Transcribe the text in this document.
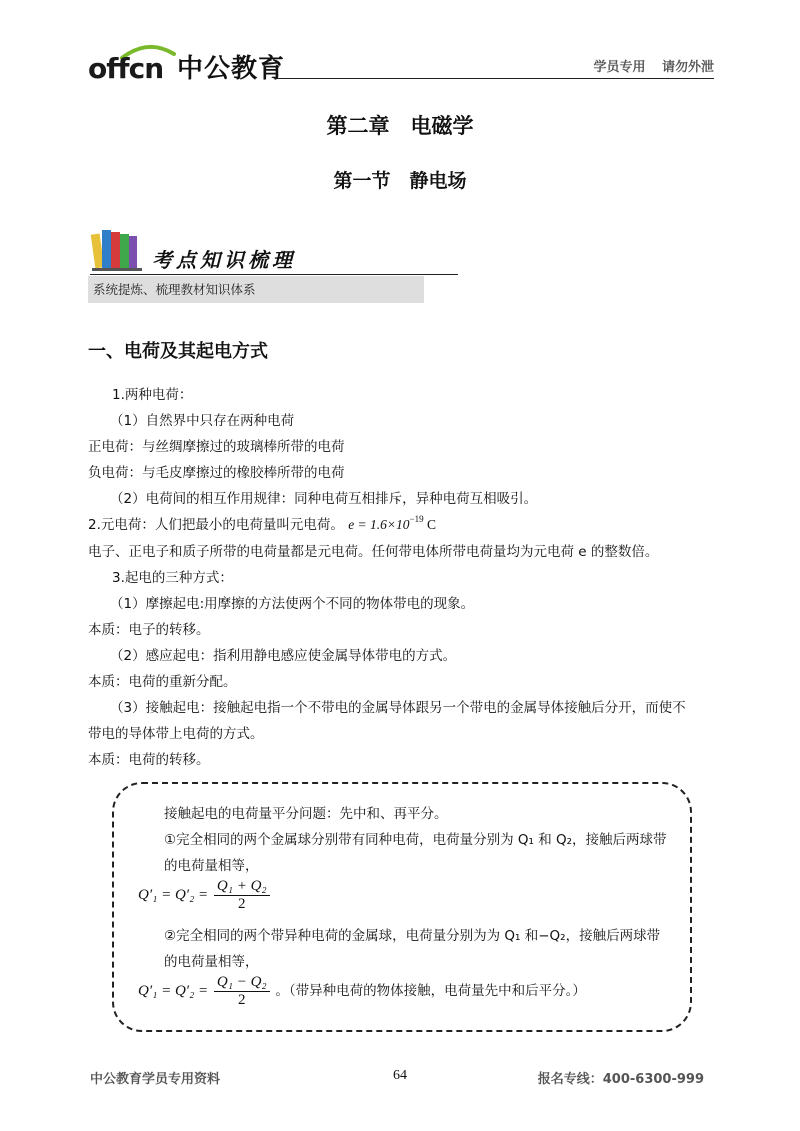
offcn 中公教育	学员专用 请勿外泄
第二章　电磁学
第一节　静电场
考点知识梳理
系统提炼、梳理教材知识体系
一、电荷及其起电方式
1.两种电荷：
（1）自然界中只存在两种电荷
正电荷：与丝绸摩擦过的玻璃棒所带的电荷
负电荷：与毛皮摩擦过的橡胶棒所带的电荷
（2）电荷间的相互作用规律：同种电荷互相排斥，异种电荷互相吸引。
2.元电荷：人们把最小的电荷量叫元电荷。 $e = 1.6\times 10^{-19}$ C
电子、正电子和质子所带的电荷量都是元电荷。任何带电体所带电荷量均为元电荷 e 的整数倍。
3.起电的三种方式：
（1）摩擦起电:用摩擦的方法使两个不同的物体带电的现象。
本质：电子的转移。
（2）感应起电：指利用静电感应使金属导体带电的方式。
本质：电荷的重新分配。
（3）接触起电：接触起电指一个不带电的金属导体跟另一个带电的金属导体接触后分开，而使不
带电的导体带上电荷的方式。
本质：电荷的转移。
接触起电的电荷量平分问题：先中和、再平分。
①完全相同的两个金属球分别带有同种电荷，电荷量分别为 Q₁ 和 Q₂，接触后两球带
的电荷量相等，
$Q'_1 = Q'_2 = \frac{\text{Q₁ + Q₂}}{2}$
②完全相同的两个带异种电荷的金属球，电荷量分别为为 Q₁ 和−Q₂，接触后两球带
的电荷量相等，
$Q'_1 = Q'_2 = \frac{\text{Q₁ − Q₂}}{2}$ 。（带异种电荷的物体接触，电荷量先中和后平分。）
中公教育学员专用资料	64	报名专线：400-6300-999
